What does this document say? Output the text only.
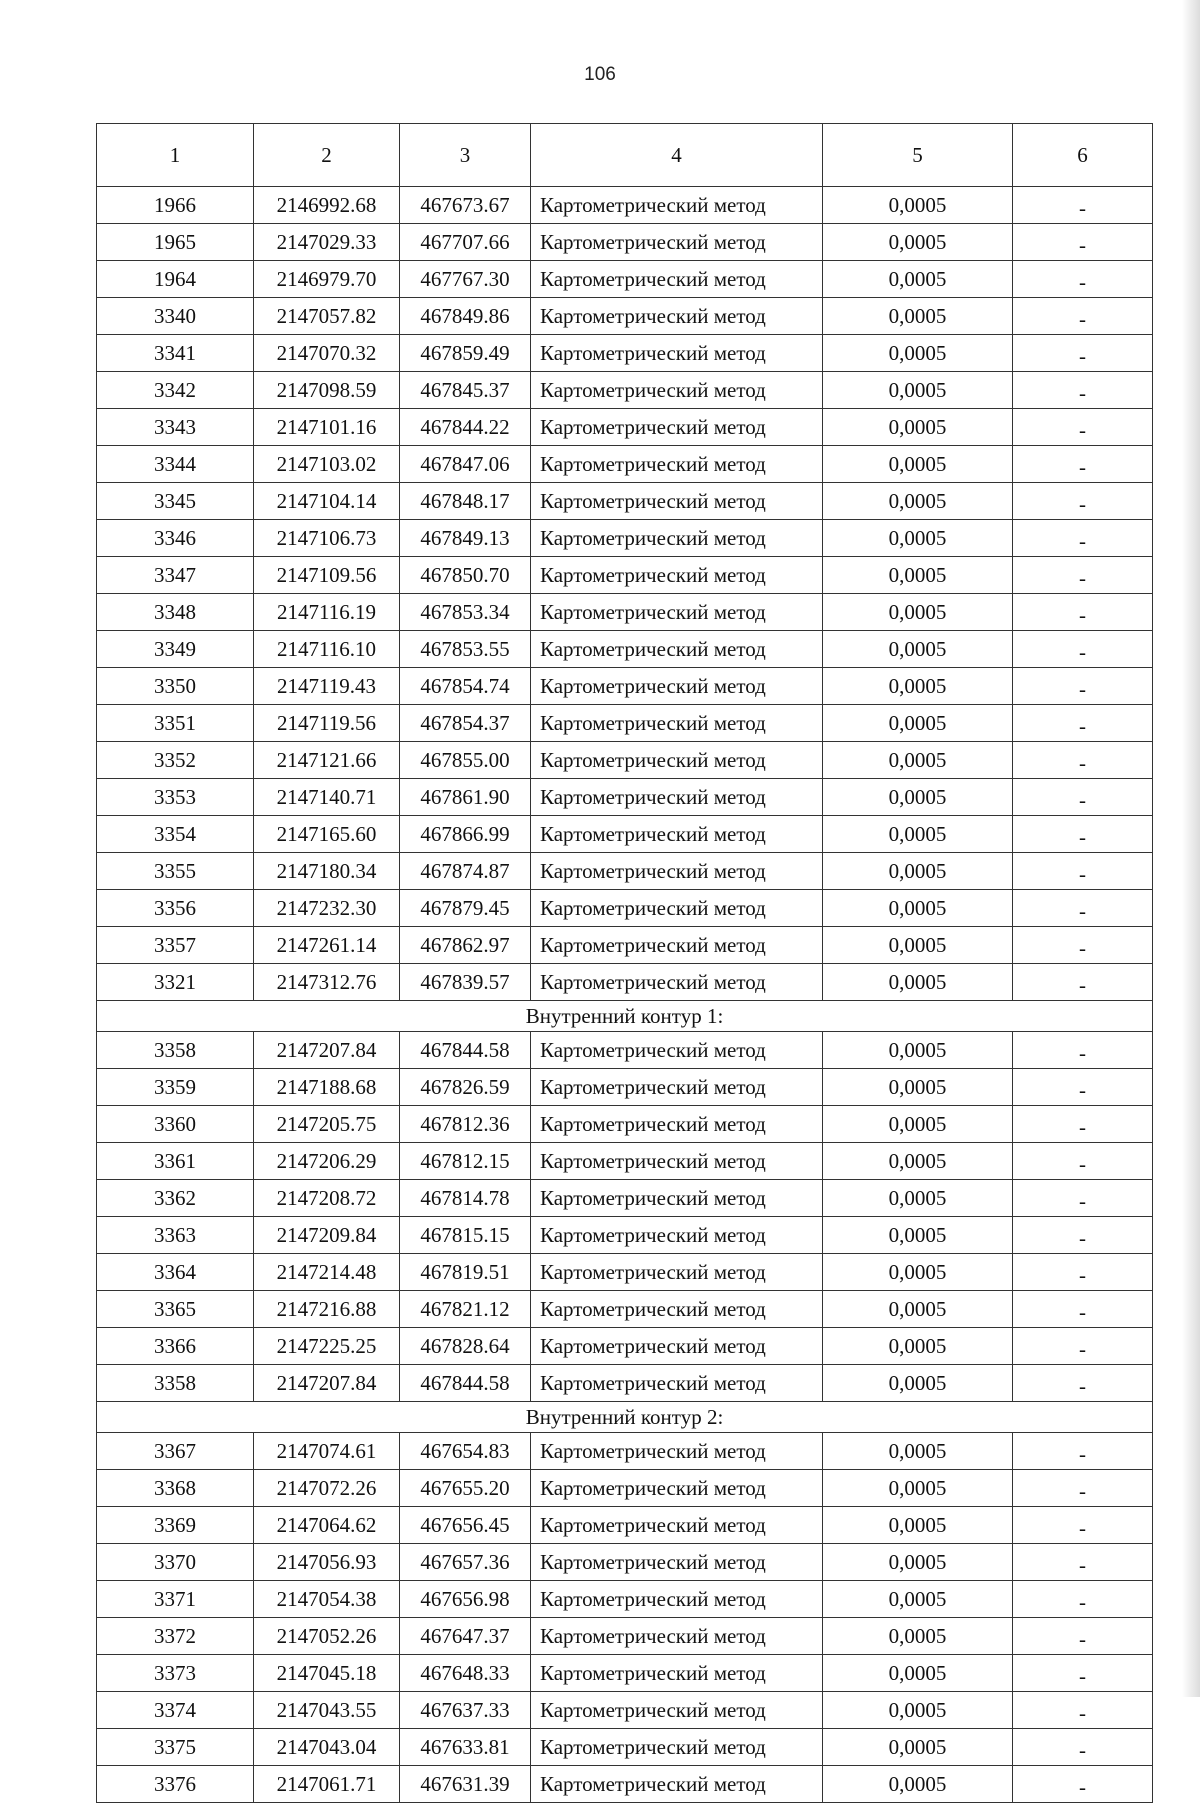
106
1	2	3	4	5	6
1966	2146992.68	467673.67	Картометрический метод	0,0005	-
1965	2147029.33	467707.66	Картометрический метод	0,0005	-
1964	2146979.70	467767.30	Картометрический метод	0,0005	-
3340	2147057.82	467849.86	Картометрический метод	0,0005	-
3341	2147070.32	467859.49	Картометрический метод	0,0005	-
3342	2147098.59	467845.37	Картометрический метод	0,0005	-
3343	2147101.16	467844.22	Картометрический метод	0,0005	-
3344	2147103.02	467847.06	Картометрический метод	0,0005	-
3345	2147104.14	467848.17	Картометрический метод	0,0005	-
3346	2147106.73	467849.13	Картометрический метод	0,0005	-
3347	2147109.56	467850.70	Картометрический метод	0,0005	-
3348	2147116.19	467853.34	Картометрический метод	0,0005	-
3349	2147116.10	467853.55	Картометрический метод	0,0005	-
3350	2147119.43	467854.74	Картометрический метод	0,0005	-
3351	2147119.56	467854.37	Картометрический метод	0,0005	-
3352	2147121.66	467855.00	Картометрический метод	0,0005	-
3353	2147140.71	467861.90	Картометрический метод	0,0005	-
3354	2147165.60	467866.99	Картометрический метод	0,0005	-
3355	2147180.34	467874.87	Картометрический метод	0,0005	-
3356	2147232.30	467879.45	Картометрический метод	0,0005	-
3357	2147261.14	467862.97	Картометрический метод	0,0005	-
3321	2147312.76	467839.57	Картометрический метод	0,0005	-
Внутренний контур 1:					
3358	2147207.84	467844.58	Картометрический метод	0,0005	-
3359	2147188.68	467826.59	Картометрический метод	0,0005	-
3360	2147205.75	467812.36	Картометрический метод	0,0005	-
3361	2147206.29	467812.15	Картометрический метод	0,0005	-
3362	2147208.72	467814.78	Картометрический метод	0,0005	-
3363	2147209.84	467815.15	Картометрический метод	0,0005	-
3364	2147214.48	467819.51	Картометрический метод	0,0005	-
3365	2147216.88	467821.12	Картометрический метод	0,0005	-
3366	2147225.25	467828.64	Картометрический метод	0,0005	-
3358	2147207.84	467844.58	Картометрический метод	0,0005	-
Внутренний контур 2:					
3367	2147074.61	467654.83	Картометрический метод	0,0005	-
3368	2147072.26	467655.20	Картометрический метод	0,0005	-
3369	2147064.62	467656.45	Картометрический метод	0,0005	-
3370	2147056.93	467657.36	Картометрический метод	0,0005	-
3371	2147054.38	467656.98	Картометрический метод	0,0005	-
3372	2147052.26	467647.37	Картометрический метод	0,0005	-
3373	2147045.18	467648.33	Картометрический метод	0,0005	-
3374	2147043.55	467637.33	Картометрический метод	0,0005	-
3375	2147043.04	467633.81	Картометрический метод	0,0005	-
3376	2147061.71	467631.39	Картометрический метод	0,0005	-
